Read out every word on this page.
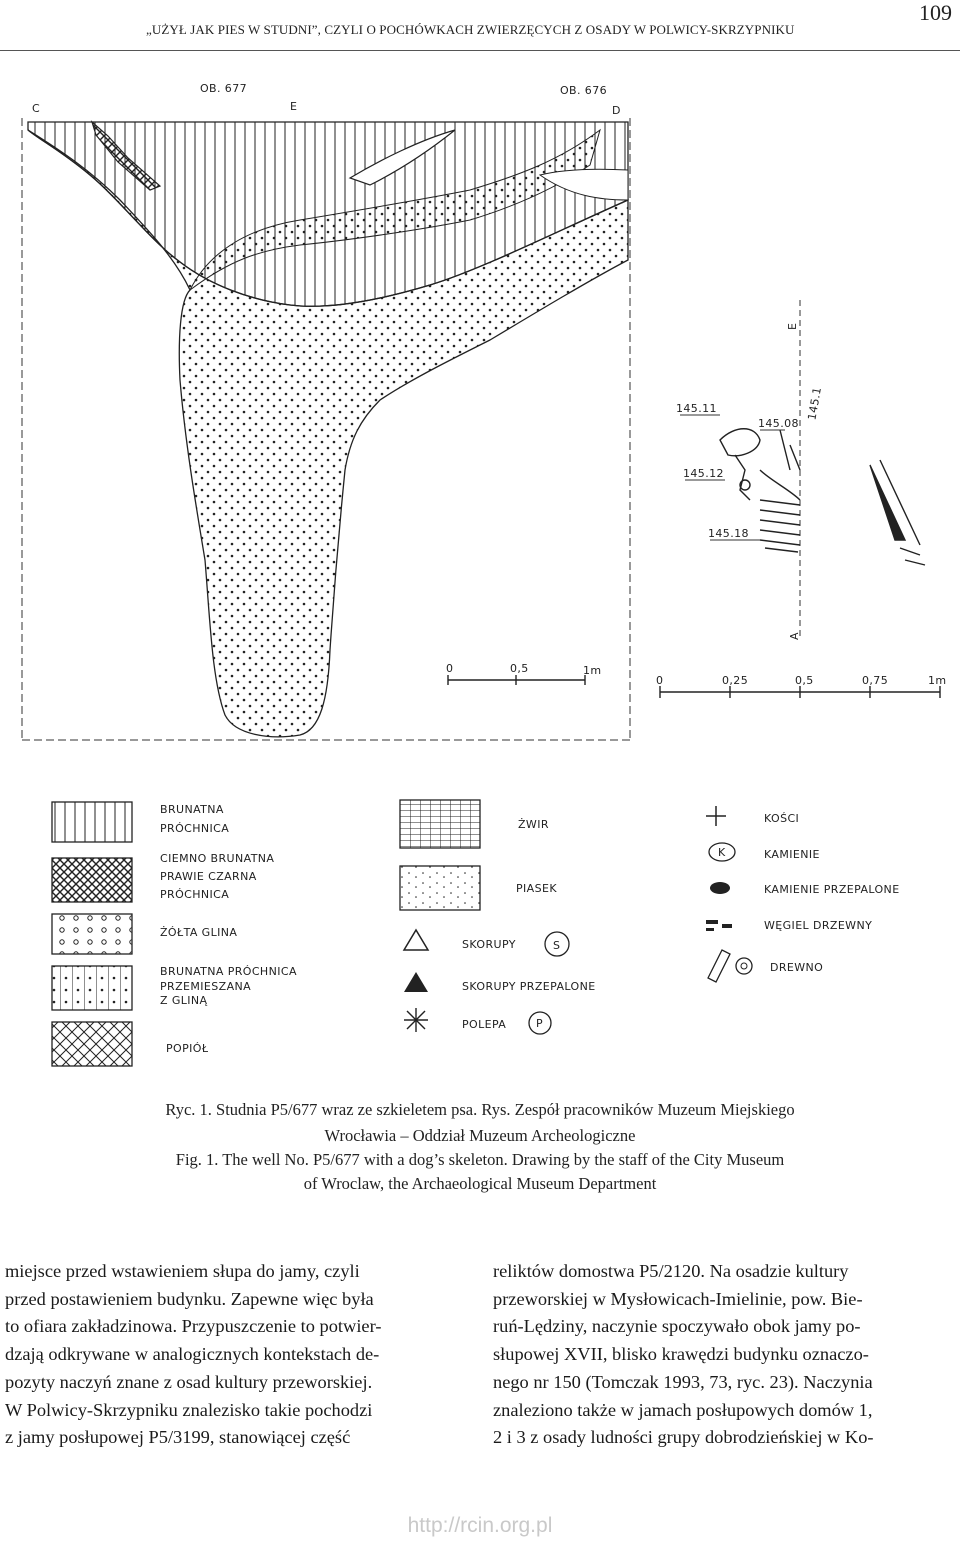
„UŻYŁ JAK PIES W STUDNI”, CZYLI O POCHÓWKACH ZWIERZĘCYCH Z OSADY W POLWICY-SKRZYPNIKU
109
OB. 677	OB. 676
C	E	D
E
A
145.11
145.08
145.12
145.18
145.1
0	0,5	1m
0	0,25	0,5	0,75	1m
BRUNATNA
PRÓCHNICA
CIEMNO BRUNATNA
PRAWIE CZARNA
PRÓCHNICA
ŻÓŁTA GLINA
BRUNATNA PRÓCHNICA
PRZEMIESZANA
Z GLINĄ
POPIÓŁ
ŻWIR
PIASEK
SKORUPY	S
SKORUPY PRZEPALONE
POLEPA	P
KOŚCI
K	KAMIENIE
KAMIENIE PRZEPALONE
WĘGIEL DRZEWNY
DREWNO
Ryc. 1. Studnia P5/677 wraz ze szkieletem psa. Rys. Zespół pracowników Muzeum Miejskiego
Wrocławia – Oddział Muzeum Archeologiczne
Fig. 1. The well No. P5/677 with a dog’s skeleton. Drawing by the staff of the City Museum
of Wroclaw, the Archaeological Museum Department
miejsce przed wstawieniem słupa do jamy, czyli
przed postawieniem budynku. Zapewne więc była
to ofiara zakładzinowa. Przypuszczenie to potwier-
dzają odkrywane w analogicznych kontekstach de-
pozyty naczyń znane z osad kultury przeworskiej.
W Polwicy-Skrzypniku znalezisko takie pochodzi
z jamy posłupowej P5/3199, stanowiącej część
reliktów domostwa P5/2120. Na osadzie kultury
przeworskiej w Mysłowicach-Imielinie, pow. Bie-
ruń-Lędziny, naczynie spoczywało obok jamy po-
słupowej XVII, blisko krawędzi budynku oznaczo-
nego nr 150 (Tomczak 1993, 73, ryc. 23). Naczynia
znaleziono także w jamach posłupowych domów 1,
2 i 3 z osady ludności grupy dobrodzieńskiej w Ko-
http://rcin.org.pl
